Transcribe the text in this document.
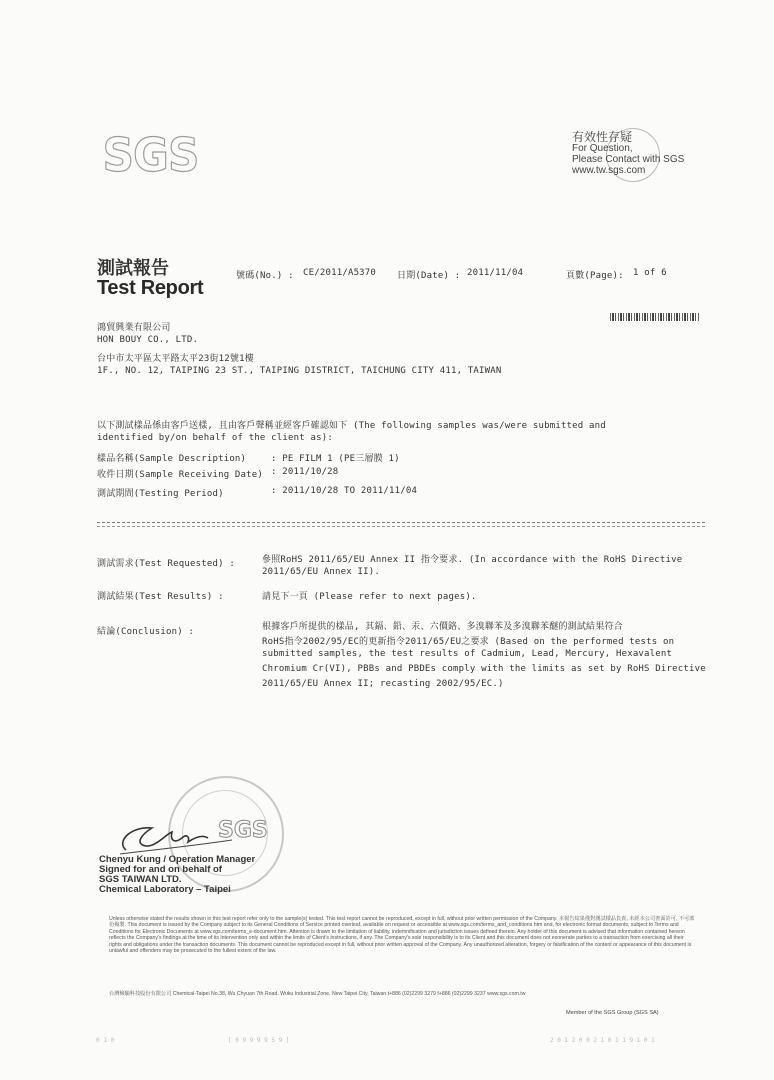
SGS	有效性存疑
For Question,
Please Contact with SGS
www.tw.sgs.com
測試報告
Test Report
號碼(No.) : CE/2011/A5370 日期(Date) : 2011/11/04	頁數(Page): 1 of 6
鴻貿興業有限公司
HON BOUY CO., LTD.
台中市太平區太平路太平23街12號1樓
1F., NO. 12, TAIPING 23 ST., TAIPING DISTRICT, TAICHUNG CITY 411, TAIWAN
以下測試樣品係由客戶送樣, 且由客戶聲稱並經客戶確認如下 (The following samples was/were submitted and
identified by/on behalf of the client as):
樣品名稱(Sample Description)	: PE FILM 1 (PE三層膜 1)
收件日期(Sample Receiving Date) : 2011/10/28
測試期間(Testing Period)	: 2011/10/28 TO 2011/11/04
測試需求(Test Requested) :	參照RoHS 2011/65/EU Annex II 指令要求. (In accordance with the RoHS Directive
2011/65/EU Annex II).
測試結果(Test Results) :	請見下一頁 (Please refer to next pages).
結論(Conclusion) :	根據客戶所提供的樣品, 其鎘、鉛、汞、六價鉻、多溴聯苯及多溴聯苯醚的測試結果符合
RoHS指令2002/95/EC的更新指令2011/65/EU之要求 (Based on the performed tests on
submitted samples, the test results of Cadmium, Lead, Mercury, Hexavalent
Chromium Cr(VI), PBBs and PBDEs comply with the limits as set by RoHS Directive
2011/65/EU Annex II; recasting 2002/95/EC.)
SGS
Chenyu Kung / Operation Manager
Signed for and on behalf of
SGS TAIWAN LTD.
Chemical Laboratory – Taipei
Unless otherwise stated the results shown in this test report refer only to the sample(s) tested. This test report cannot be reproduced, except in full, without prior written permission of the Company. 本報告結果僅對測試樣品負責, 未經本公司書面許可, 不可部份複製. This document is issued by the Company subject to its General Conditions of Service printed overleaf, available on request or accessible at www.sgs.com/terms_and_conditions.htm and, for electronic format documents, subject to Terms and Conditions for Electronic Documents at www.sgs.com/terms_e-document.htm. Attention is drawn to the limitation of liability, indemnification and jurisdiction issues defined therein. Any holder of this document is advised that information contained hereon reflects the Company's findings at the time of its intervention only and within the limits of Client's instructions, if any. The Company's sole responsibility is to its Client and this document does not exonerate parties to a transaction from exercising all their rights and obligations under the transaction documents. This document cannot be reproduced except in full, without prior written approval of the Company. Any unauthorized alteration, forgery or falsification of the content or appearance of this document is unlawful and offenders may be prosecuted to the fullest extent of the law.
台灣檢驗科技股份有限公司 Chemical-Taipei No.38, Wu Chyuan 7th Road, Wuku Industrial Zone, New Taipei City, Taiwan t+886 (02)2299 3279 f+886 (02)2299 3237 www.sgs.com.tw
Member of the SGS Group (SGS SA)
0 1 0	[ 0 9 9 9 9 5 9 ]	2 0 1 2 0 0 2 1 0 1 1 9 1 0 1
